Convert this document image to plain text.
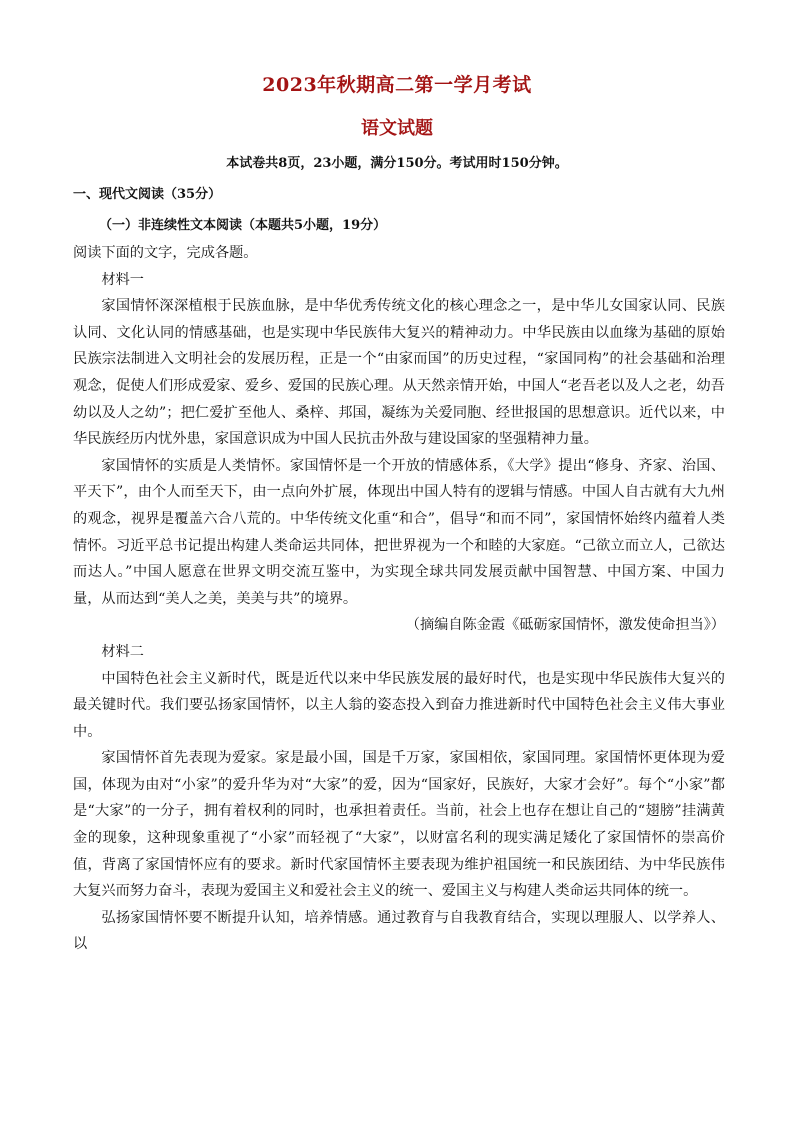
2023年秋期高二第一学月考试
语文试题
本试卷共8页，23小题，满分150分。考试用时150分钟。
一、现代文阅读（35分）
（一）非连续性文本阅读（本题共5小题，19分）

阅读下面的文字，完成各题。

材料一

家国情怀深深植根于民族血脉，是中华优秀传统文化的核心理念之一，是中华儿女国家认同、民族认同、文化认同的情感基础，也是实现中华民族伟大复兴的精神动力。中华民族由以血缘为基础的原始民族宗法制进入文明社会的发展历程，正是一个“由家而国”的历史过程，“家国同构”的社会基础和治理观念，促使人们形成爱家、爱乡、爱国的民族心理。从天然亲情开始，中国人“老吾老以及人之老，幼吾幼以及人之幼”；把仁爱扩至他人、桑梓、邦国，凝练为关爱同胞、经世报国的思想意识。近代以来，中华民族经历内忧外患，家国意识成为中国人民抗击外敌与建设国家的坚强精神力量。

家国情怀的实质是人类情怀。家国情怀是一个开放的情感体系，《大学》提出“修身、齐家、治国、平天下”，由个人而至天下，由一点向外扩展，体现出中国人特有的逻辑与情感。中国人自古就有大九州的观念，视界是覆盖六合八荒的。中华传统文化重“和合”，倡导“和而不同”，家国情怀始终内蕴着人类情怀。习近平总书记提出构建人类命运共同体，把世界视为一个和睦的大家庭。“己欲立而立人，己欲达而达人。”中国人愿意在世界文明交流互鉴中，为实现全球共同发展贡献中国智慧、中国方案、中国力量，从而达到“美人之美，美美与共”的境界。

（摘编自陈金霞《砥砺家国情怀，激发使命担当》）

材料二

中国特色社会主义新时代，既是近代以来中华民族发展的最好时代，也是实现中华民族伟大复兴的最关键时代。我们要弘扬家国情怀，以主人翁的姿态投入到奋力推进新时代中国特色社会主义伟大事业中。

家国情怀首先表现为爱家。家是最小国，国是千万家，家国相依，家国同理。家国情怀更体现为爱国，体现为由对“小家”的爱升华为对“大家”的爱，因为“国家好，民族好，大家才会好”。每个“小家”都是“大家”的一分子，拥有着权利的同时，也承担着责任。当前，社会上也存在想让自己的“翅膀”挂满黄金的现象，这种现象重视了“小家”而轻视了“大家”，以财富名利的现实满足矮化了家国情怀的崇高价值，背离了家国情怀应有的要求。新时代家国情怀主要表现为维护祖国统一和民族团结、为中华民族伟大复兴而努力奋斗，表现为爱国主义和爱社会主义的统一、爱国主义与构建人类命运共同体的统一。

弘扬家国情怀要不断提升认知，培养情感。通过教育与自我教育结合，实现以理服人、以学养人、以
